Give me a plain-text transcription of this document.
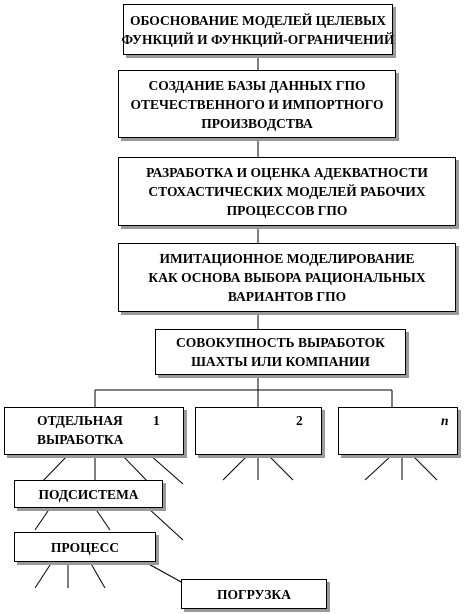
ОБОСНОВАНИЕ МОДЕЛЕЙ ЦЕЛЕВЫХ
ФУНКЦИЙ И ФУНКЦИЙ-ОГРАНИЧЕНИЙ
СОЗДАНИЕ БАЗЫ ДАННЫХ ГПО
ОТЕЧЕСТВЕННОГО И ИМПОРТНОГО
ПРОИЗВОДСТВА
РАЗРАБОТКА И ОЦЕНКА АДЕКВАТНОСТИ
СТОХАСТИЧЕСКИХ МОДЕЛЕЙ РАБОЧИХ
ПРОЦЕССОВ ГПО
ИМИТАЦИОННОЕ МОДЕЛИРОВАНИЕ
КАК ОСНОВА ВЫБОРА РАЦИОНАЛЬНЫХ
ВАРИАНТОВ ГПО
СОВОКУПНОСТЬ ВЫРАБОТОК
ШАХТЫ ИЛИ КОМПАНИИ
ОТДЕЛЬНАЯ
ВЫРАБОТКА
1	2	n
ПОДСИСТЕМА
ПРОЦЕСС
ПОГРУЗКА
